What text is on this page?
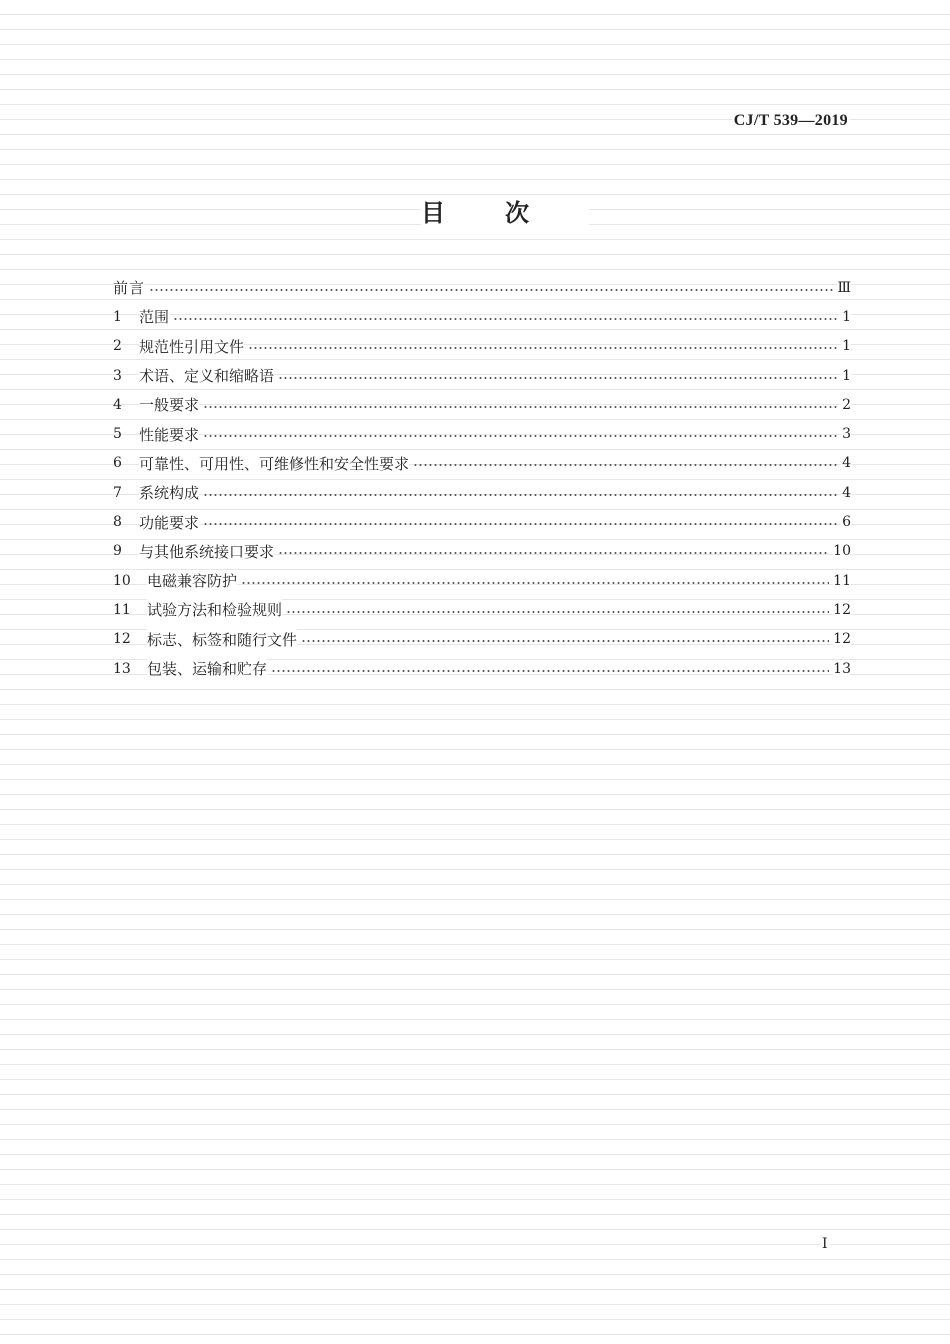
CJ/T 539—2019
目次
前言	Ⅲ
1	范围	1
2	规范性引用文件	1
3	术语、定义和缩略语	1
4	一般要求	2
5	性能要求	3
6	可靠性、可用性、可维修性和安全性要求	4
7	系统构成	4
8	功能要求	6
9	与其他系统接口要求	10
10	电磁兼容防护	11
11	试验方法和检验规则	12
12	标志、标签和随行文件	12
13	包装、运输和贮存	13
I
